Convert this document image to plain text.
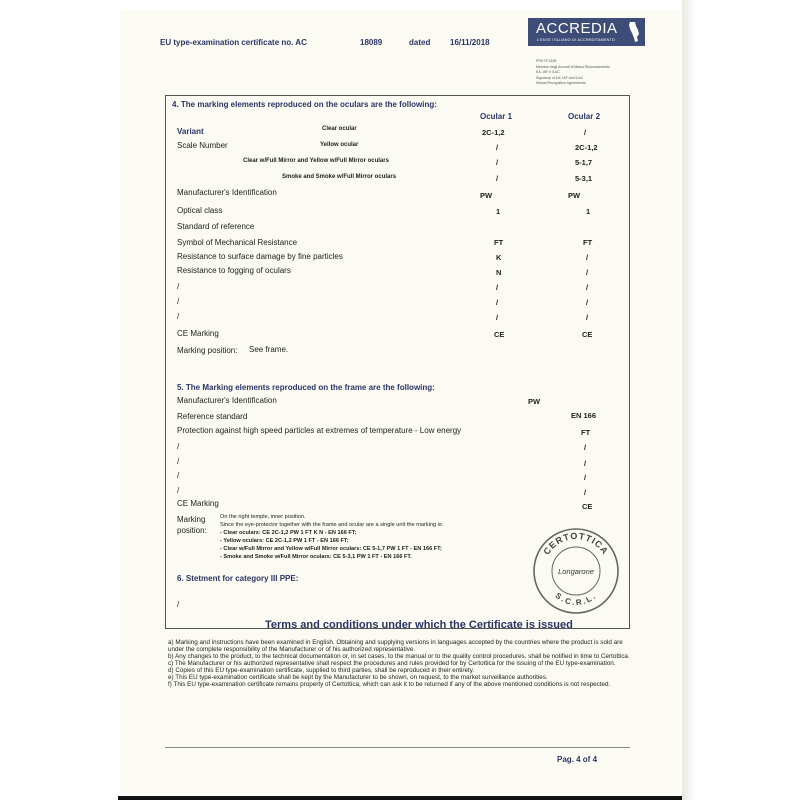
EU type-examination certificate no. AC	18089	dated 16/11/2018
ACCREDIA
L'ENTE ITALIANO DI ACCREDITAMENTO
PRD N°142B
Membro degli Accordi di Mutuo Riconoscimento
EA, IAF e ILAC
Signatory of EA, IAF and ILAC
Mutual Recognition Agreements
4. The marking elements reproduced on the oculars are the following:
Ocular 1	Ocular 2
Variant
Scale Number
Clear ocular	2C-1,2	/
Yellow ocular	/	2C-1,2
Clear w/Full Mirror and Yellow w/Full Mirror oculars	/	5-1,7
Smoke and Smoke w/Full Mirror oculars	/	5-3,1
Manufacturer's Identification	PW	PW
Optical class	1	1
Standard of reference
Symbol of Mechanical Resistance	FT	FT
Resistance to surface damage by fine particles	K	/
Resistance to fogging of oculars	N	/
/	/	/
/	/	/
/	/	/
CE Marking	CE	CE
Marking position: See frame.
5. The Marking elements reproduced on the frame are the following:
Manufacturer's Identification	PW
Reference standard	EN 166
Protection against high speed particles at extremes of temperature - Low energy	FT
/	/
/	/
/	/
/	/
CE Marking	CE
Marking
position:
On the right temple, inner position.
Since the eye-protector together with the frame and ocular are a single unit the marking is:
- Clear oculars: CE 2C-1,2 PW 1 FT K N - EN 166 FT;
- Yellow oculars: CE 2C-1,2 PW 1 FT - EN 166 FT;
- Clear w/Full Mirror and Yellow w/Full Mirror oculars: CE 5-1,7 PW 1 FT - EN 166 FT;
- Smoke and Smoke w/Full Mirror oculars: CE 5-3,1 PW 1 FT - EN 166 FT.
CERTOTTICA
Longarone
S.C.R.L.
6. Stetment for category III PPE:
/
Terms and conditions under which the Certificate is issued

a) Marking and instructions have been examined in English. Obtaining and supplying versions in languages accepted by the countries where the product is sold are under the complete responsibility of the Manufacturer or of his authorized representative.

b) Any changes to the product, to the technical documentation or, in set cases, to the manual or to the quality control procedures, shall be notified in time to Certottica.

c) The Manufacturer or his authorized representative shall respect the procedures and rules provided for by Certottica for the issuing of the EU type-examination.

d) Copies of this EU type-examination certificate, supplied to third parties, shall be reproduced in their entirety.

e) This EU type-examination certificate shall be kept by the Manufacturer to be shown, on request, to the market surveillance authorities.

f) This EU type-examination certificate remains property of Certottica, which can ask it to be returned if any of the above mentioned conditions is not respected.

Pag. 4 of 4
